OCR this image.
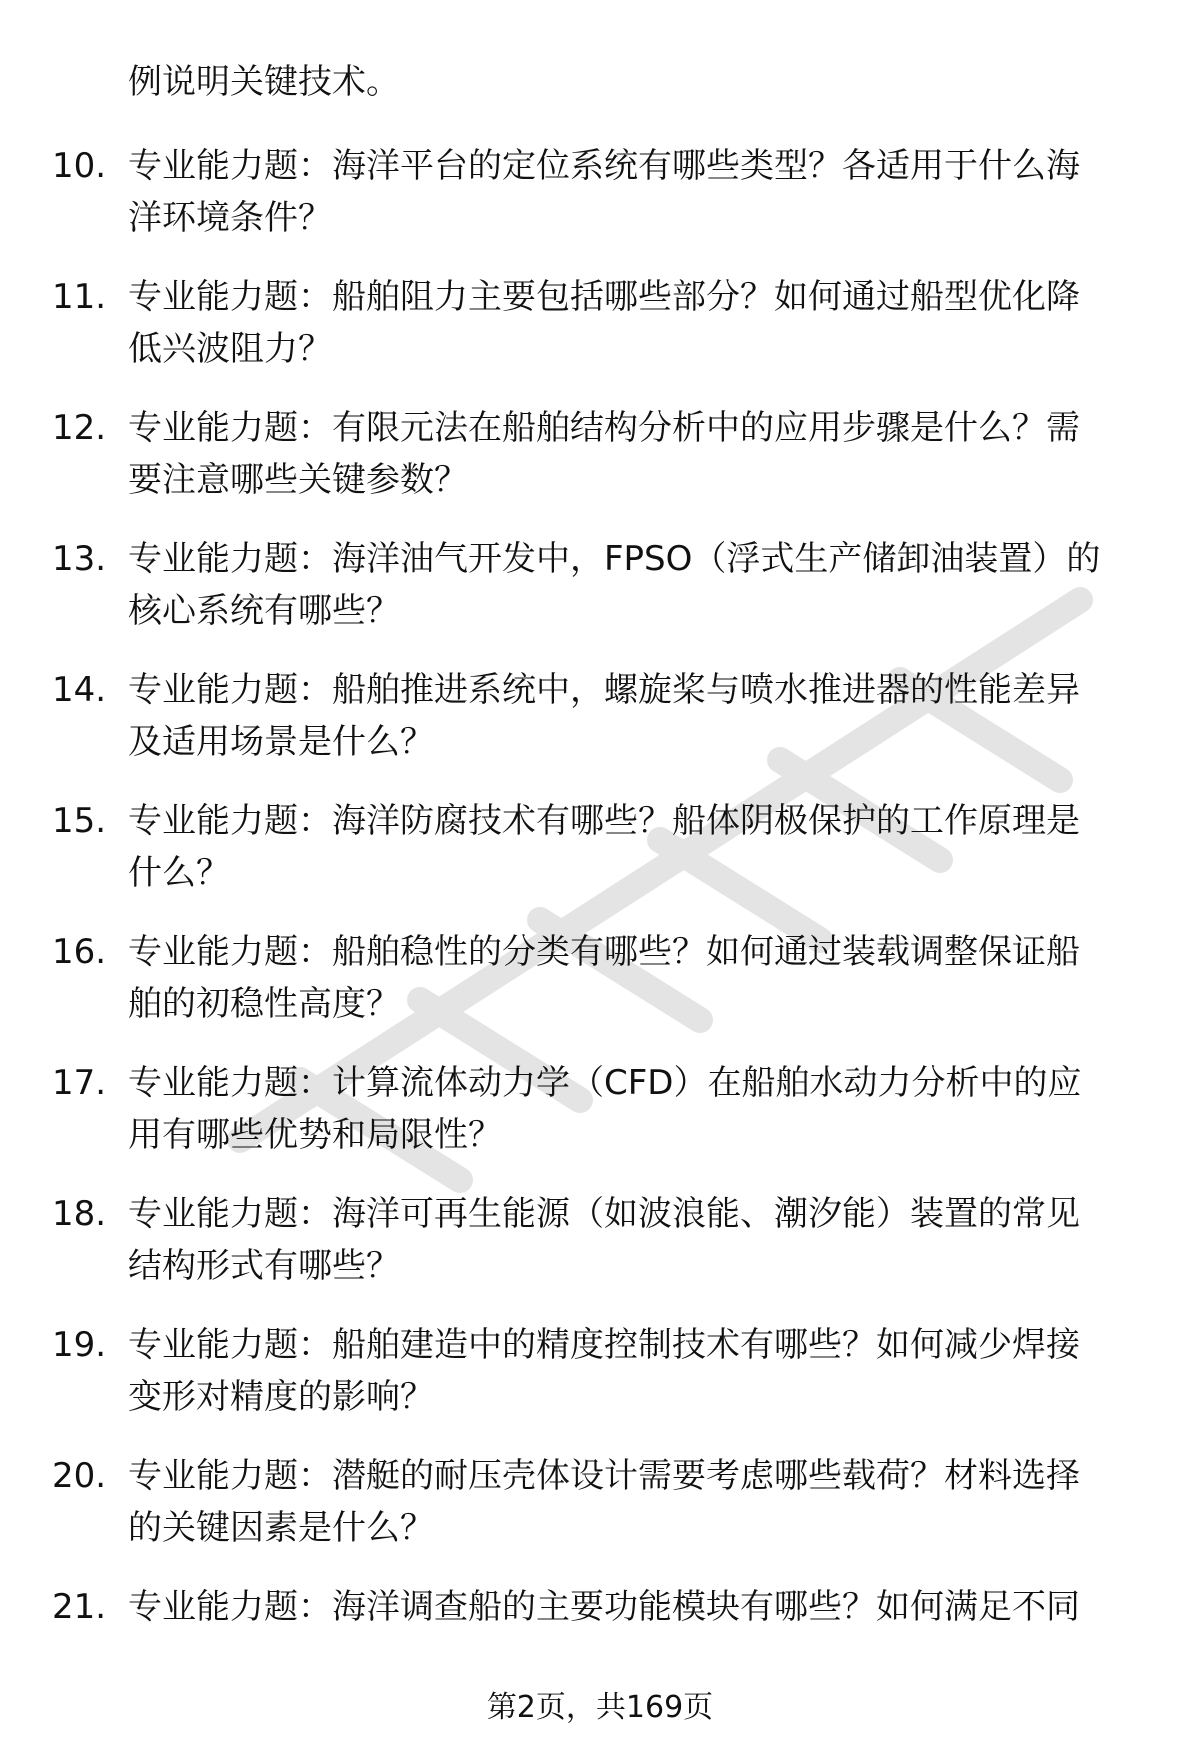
例说明关键技术。
10. 专业能力题：海洋平台的定位系统有哪些类型？各适用于什么海
洋环境条件？
11. 专业能力题：船舶阻力主要包括哪些部分？如何通过船型优化降
低兴波阻力？
12. 专业能力题：有限元法在船舶结构分析中的应用步骤是什么？需
要注意哪些关键参数？
13. 专业能力题：海洋油气开发中，FPSO（浮式生产储卸油装置）的
核心系统有哪些？
14. 专业能力题：船舶推进系统中，螺旋桨与喷水推进器的性能差异
及适用场景是什么？
15. 专业能力题：海洋防腐技术有哪些？船体阴极保护的工作原理是
什么？
16. 专业能力题：船舶稳性的分类有哪些？如何通过装载调整保证船
舶的初稳性高度？
17. 专业能力题：计算流体动力学（CFD）在船舶水动力分析中的应
用有哪些优势和局限性？
18. 专业能力题：海洋可再生能源（如波浪能、潮汐能）装置的常见
结构形式有哪些？
19. 专业能力题：船舶建造中的精度控制技术有哪些？如何减少焊接
变形对精度的影响？
20. 专业能力题：潜艇的耐压壳体设计需要考虑哪些载荷？材料选择
的关键因素是什么？
21. 专业能力题：海洋调查船的主要功能模块有哪些？如何满足不同
第2页，共169页
